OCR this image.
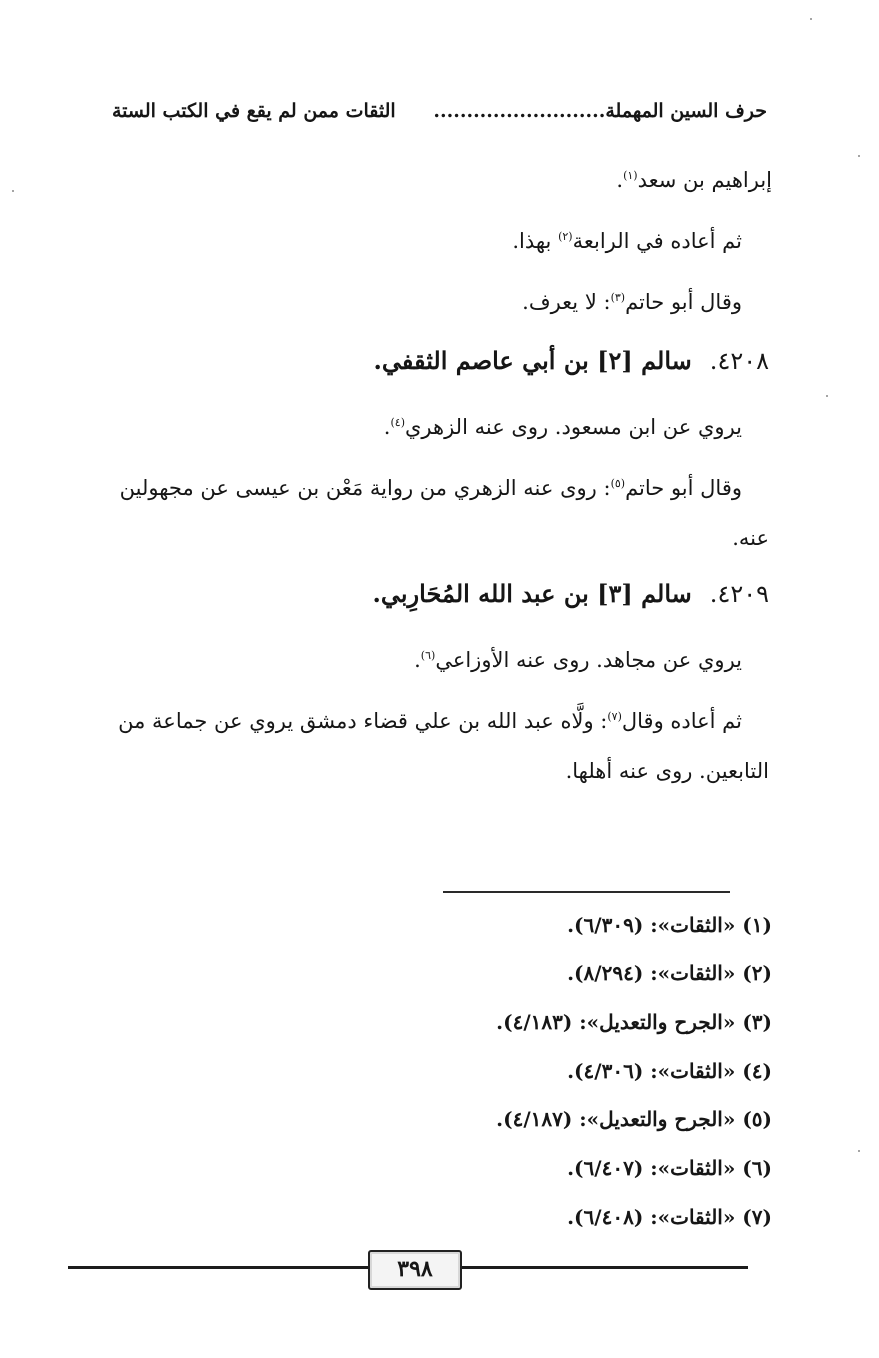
حرف السين المهملة..........................
الثقات ممن لم يقع في الكتب الستة
إبراهيم بن سعد$^{(١)}$.
ثم أعاده في الرابعة$^{(٢)}$ بهذا.
وقال أبو حاتم$^{(٣)}$: لا يعرف.
٤٢٠٨.سالم [٢] بن أبي عاصم الثقفي.
يروي عن ابن مسعود. روى عنه الزهري$^{(٤)}$.
وقال أبو حاتم$^{(٥)}$: روى عنه الزهري من رواية مَعْن بن عيسى عن مجهولين
عنه.
٤٢٠٩.سالم [٣] بن عبد الله المُحَارِبي.
يروي عن مجاهد. روى عنه الأوزاعي$^{(٦)}$.
ثم أعاده وقال$^{(٧)}$: ولَّاه عبد الله بن علي قضاء دمشق يروي عن جماعة من
التابعين. روى عنه أهلها.
(١) «الثقات»: (٦/٣٠٩).
(٢) «الثقات»: (٨/٢٩٤).
(٣) «الجرح والتعديل»: (٤/١٨٣).
(٤) «الثقات»: (٤/٣٠٦).
(٥) «الجرح والتعديل»: (٤/١٨٧).
(٦) «الثقات»: (٦/٤٠٧).
(٧) «الثقات»: (٦/٤٠٨).
٣٩٨
